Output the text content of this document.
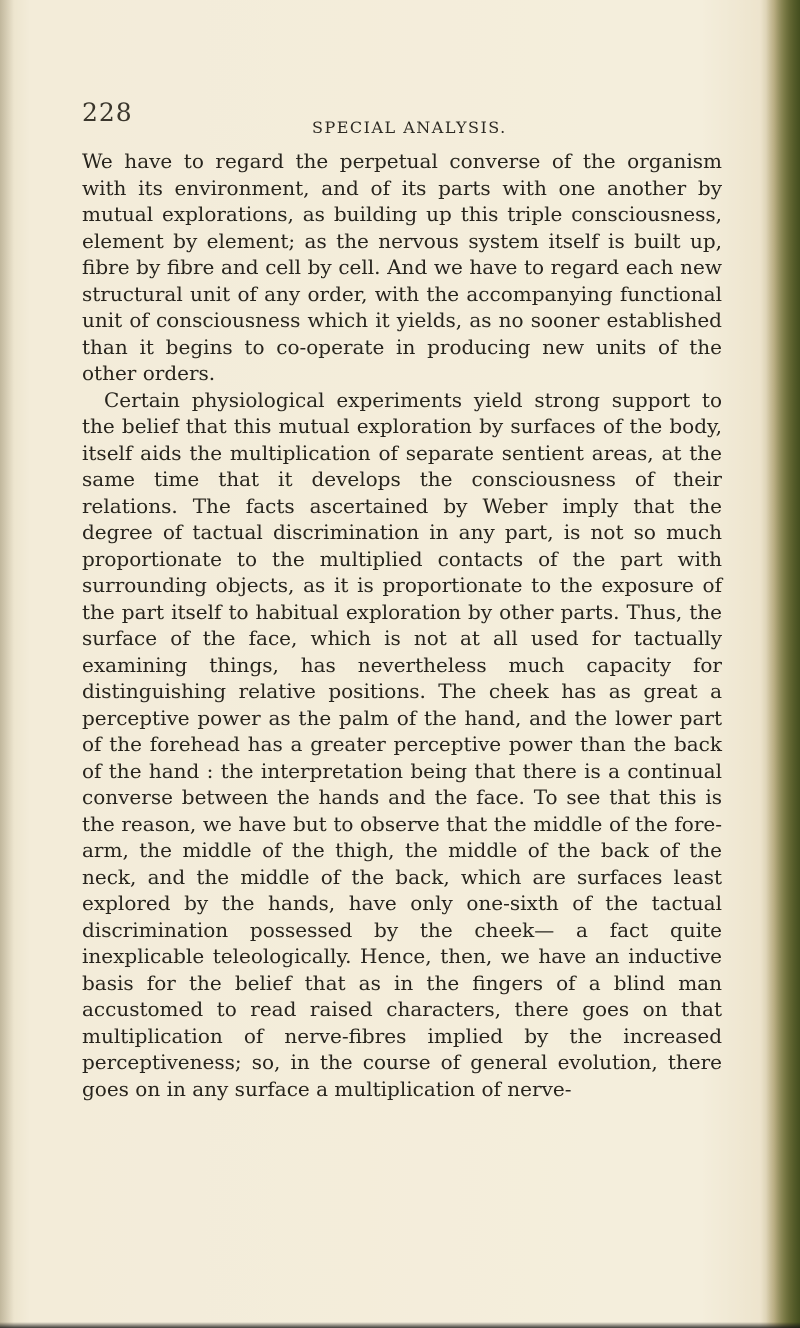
228
SPECIAL ANALYSIS.

We have to regard the perpetual converse of the organism with its environment, and of its parts with one another by mutual explorations, as building up this triple consciousness, element by element; as the nervous system itself is built up, fibre by fibre and cell by cell. And we have to regard each new structural unit of any order, with the accompanying functional unit of consciousness which it yields, as no sooner established than it begins to co-operate in producing new units of the other orders.

Certain physiological experiments yield strong support to the belief that this mutual exploration by surfaces of the body, itself aids the multiplication of separate sentient areas, at the same time that it develops the consciousness of their relations. The facts ascertained by Weber imply that the degree of tactual discrimination in any part, is not so much proportionate to the multiplied contacts of the part with surrounding objects, as it is proportionate to the exposure of the part itself to habitual exploration by other parts. Thus, the surface of the face, which is not at all used for tactually examining things, has nevertheless much capacity for distinguishing relative positions. The cheek has as great a perceptive power as the palm of the hand, and the lower part of the forehead has a greater perceptive power than the back of the hand : the interpretation being that there is a continual converse between the hands and the face. To see that this is the reason, we have but to observe that the middle of the fore-arm, the middle of the thigh, the middle of the back of the neck, and the middle of the back, which are surfaces least explored by the hands, have only one-sixth of the tactual discrimination possessed by the cheek— a fact quite inexplicable teleologically. Hence, then, we have an inductive basis for the belief that as in the fingers of a blind man accustomed to read raised characters, there goes on that multiplication of nerve-fibres implied by the increased perceptiveness; so, in the course of general evolution, there goes on in any surface a multiplication of nerve-
